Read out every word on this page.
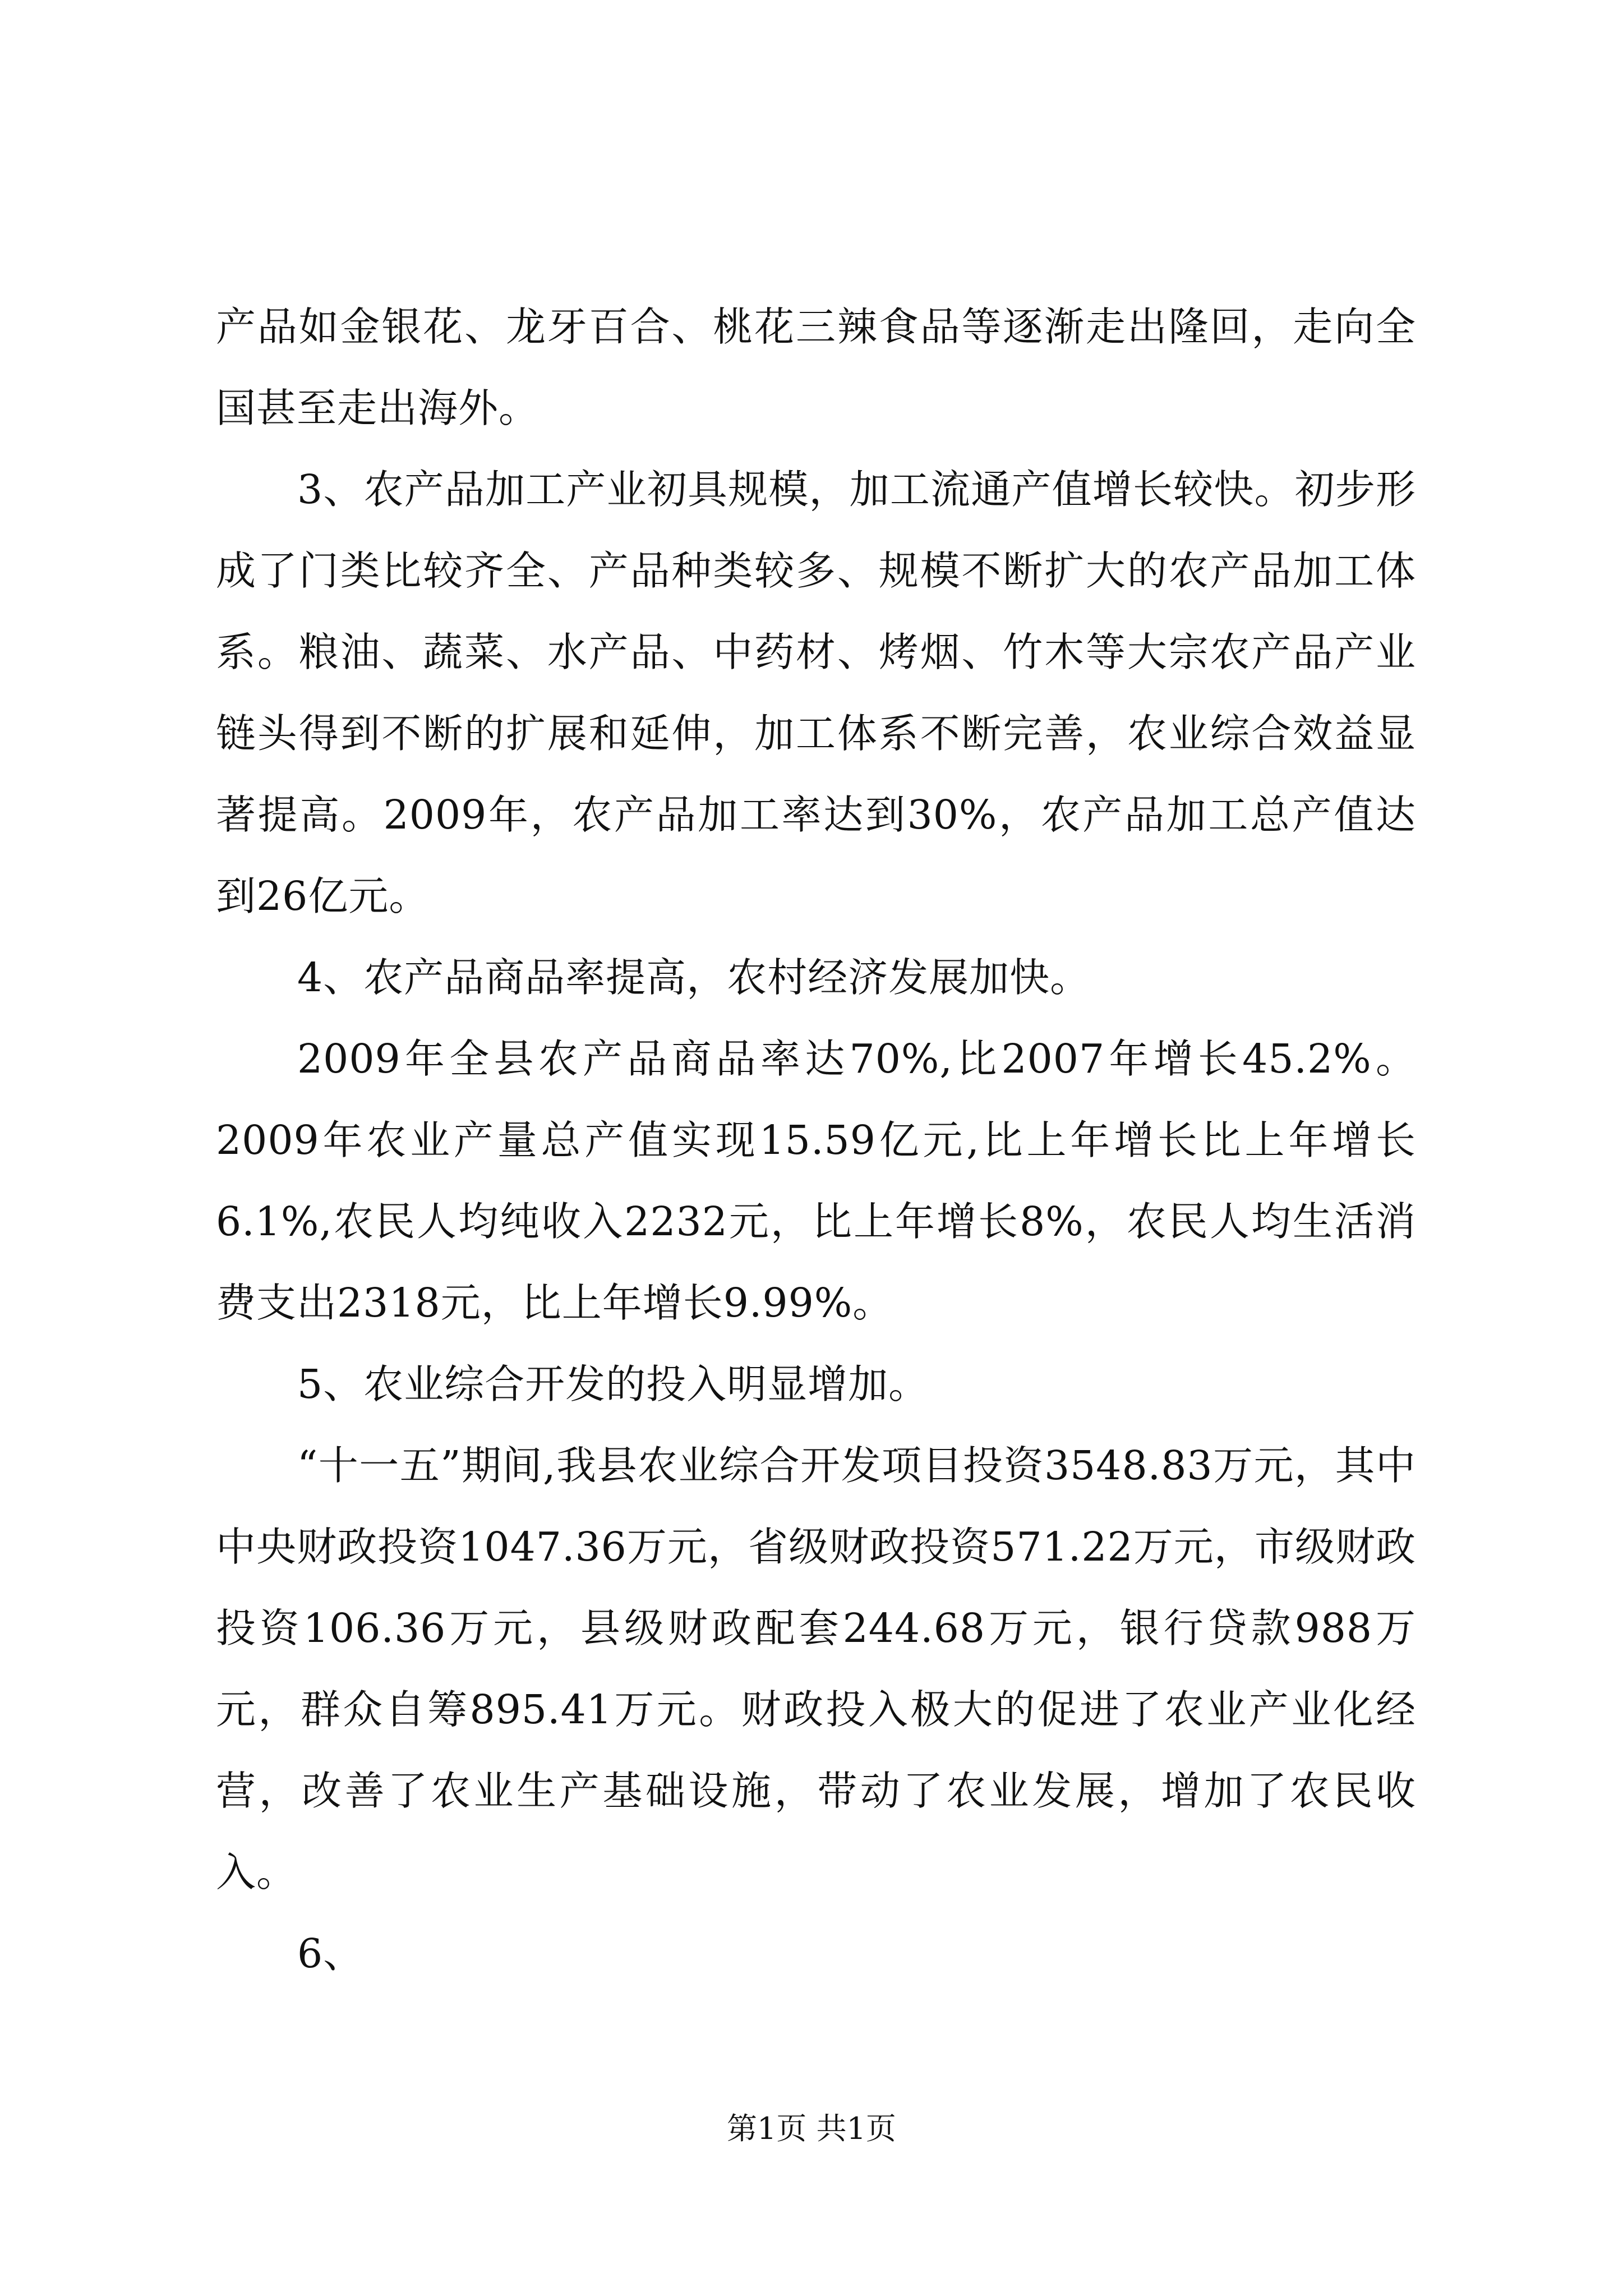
产品如金银花、龙牙百合、桃花三辣食品等逐渐走出隆回，走向全国甚至走出海外。

3、农产品加工产业初具规模，加工流通产值增长较快。初步形成了门类比较齐全、产品种类较多、规模不断扩大的农产品加工体系。粮油、蔬菜、水产品、中药材、烤烟、竹木等大宗农产品产业链头得到不断的扩展和延伸，加工体系不断完善，农业综合效益显著提高。2009年，农产品加工率达到30%，农产品加工总产值达到26亿元。

4、农产品商品率提高，农村经济发展加快。

2009年全县农产品商品率达70%,比2007年增长45.2%。2009年农业产量总产值实现15.59亿元,比上年增长比上年增长6.1%,农民人均纯收入2232元，比上年增长8%，农民人均生活消费支出2318元，比上年增长9.99%。

5、农业综合开发的投入明显增加。

“十一五”期间,我县农业综合开发项目投资3548.83万元，其中中央财政投资1047.36万元，省级财政投资571.22万元，市级财政投资106.36万元，县级财政配套244.68万元，银行贷款988万元，群众自筹895.41万元。财政投入极大的促进了农业产业化经营，改善了农业生产基础设施，带动了农业发展，增加了农民收入。

6、

第1页 共1页
